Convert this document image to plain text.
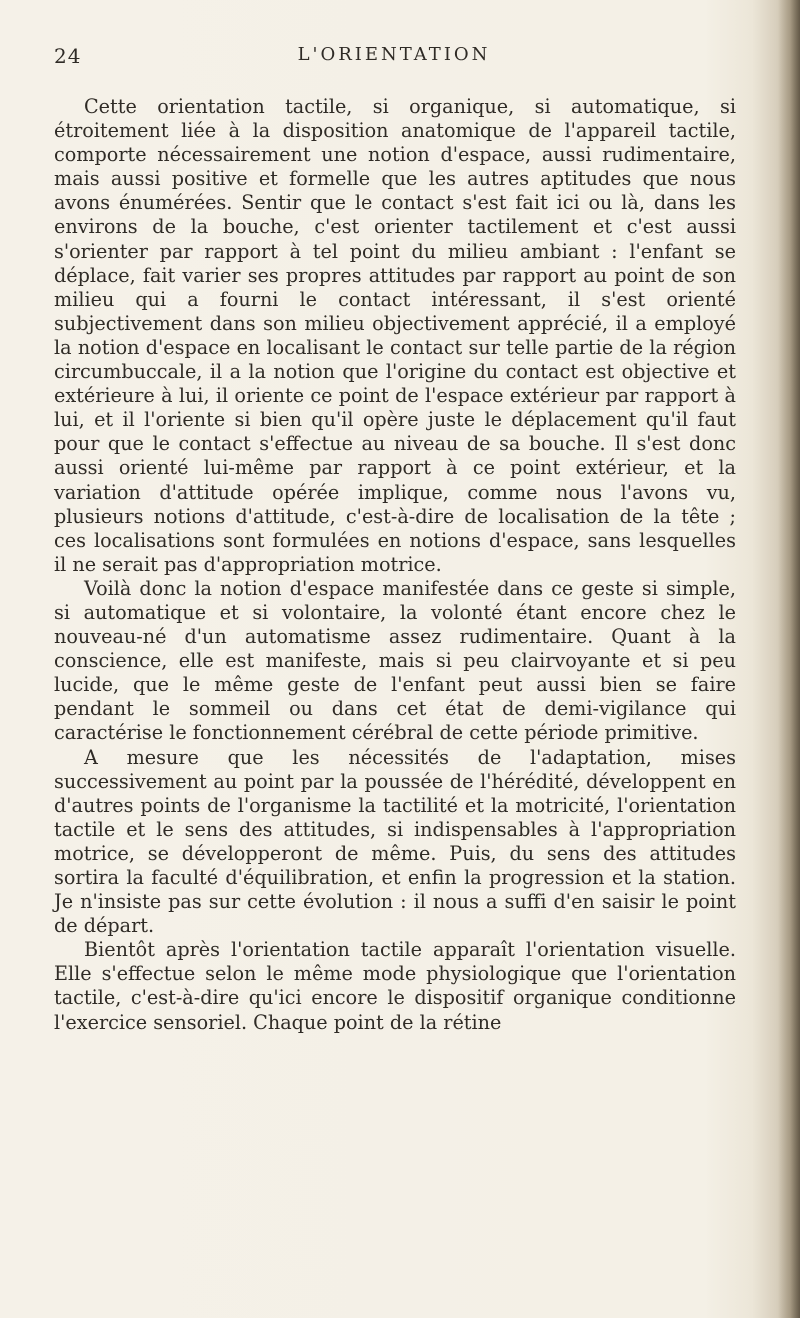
24	L'ORIENTATION

Cette orientation tactile, si organique, si automatique, si étroitement liée à la disposition anatomique de l'appareil tactile, comporte nécessairement une notion d'espace, aussi rudimentaire, mais aussi positive et formelle que les autres aptitudes que nous avons énumérées. Sentir que le contact s'est fait ici ou là, dans les environs de la bouche, c'est orienter tactilement et c'est aussi s'orienter par rapport à tel point du milieu ambiant : l'enfant se déplace, fait varier ses propres attitudes par rapport au point de son milieu qui a fourni le contact intéressant, il s'est orienté subjectivement dans son milieu objectivement apprécié, il a employé la notion d'espace en localisant le contact sur telle partie de la région circumbuccale, il a la notion que l'origine du contact est objective et extérieure à lui, il oriente ce point de l'espace extérieur par rapport à lui, et il l'oriente si bien qu'il opère juste le déplacement qu'il faut pour que le contact s'effectue au niveau de sa bouche. Il s'est donc aussi orienté lui-même par rapport à ce point extérieur, et la variation d'attitude opérée implique, comme nous l'avons vu, plusieurs notions d'attitude, c'est-à-dire de localisation de la tête ; ces localisations sont formulées en notions d'espace, sans lesquelles il ne serait pas d'appropriation motrice.

Voilà donc la notion d'espace manifestée dans ce geste si simple, si automatique et si volontaire, la volonté étant encore chez le nouveau-né d'un automatisme assez rudimentaire. Quant à la conscience, elle est manifeste, mais si peu clairvoyante et si peu lucide, que le même geste de l'enfant peut aussi bien se faire pendant le sommeil ou dans cet état de demi-vigilance qui caractérise le fonctionnement cérébral de cette période primitive.

A mesure que les nécessités de l'adaptation, mises successivement au point par la poussée de l'hérédité, développent en d'autres points de l'organisme la tactilité et la motricité, l'orientation tactile et le sens des attitudes, si indispensables à l'appropriation motrice, se développeront de même. Puis, du sens des attitudes sortira la faculté d'équilibration, et enfin la progression et la station. Je n'insiste pas sur cette évolution : il nous a suffi d'en saisir le point de départ.

Bientôt après l'orientation tactile apparaît l'orientation visuelle. Elle s'effectue selon le même mode physiologique que l'orientation tactile, c'est-à-dire qu'ici encore le dispositif organique conditionne l'exercice sensoriel. Chaque point de la rétine
